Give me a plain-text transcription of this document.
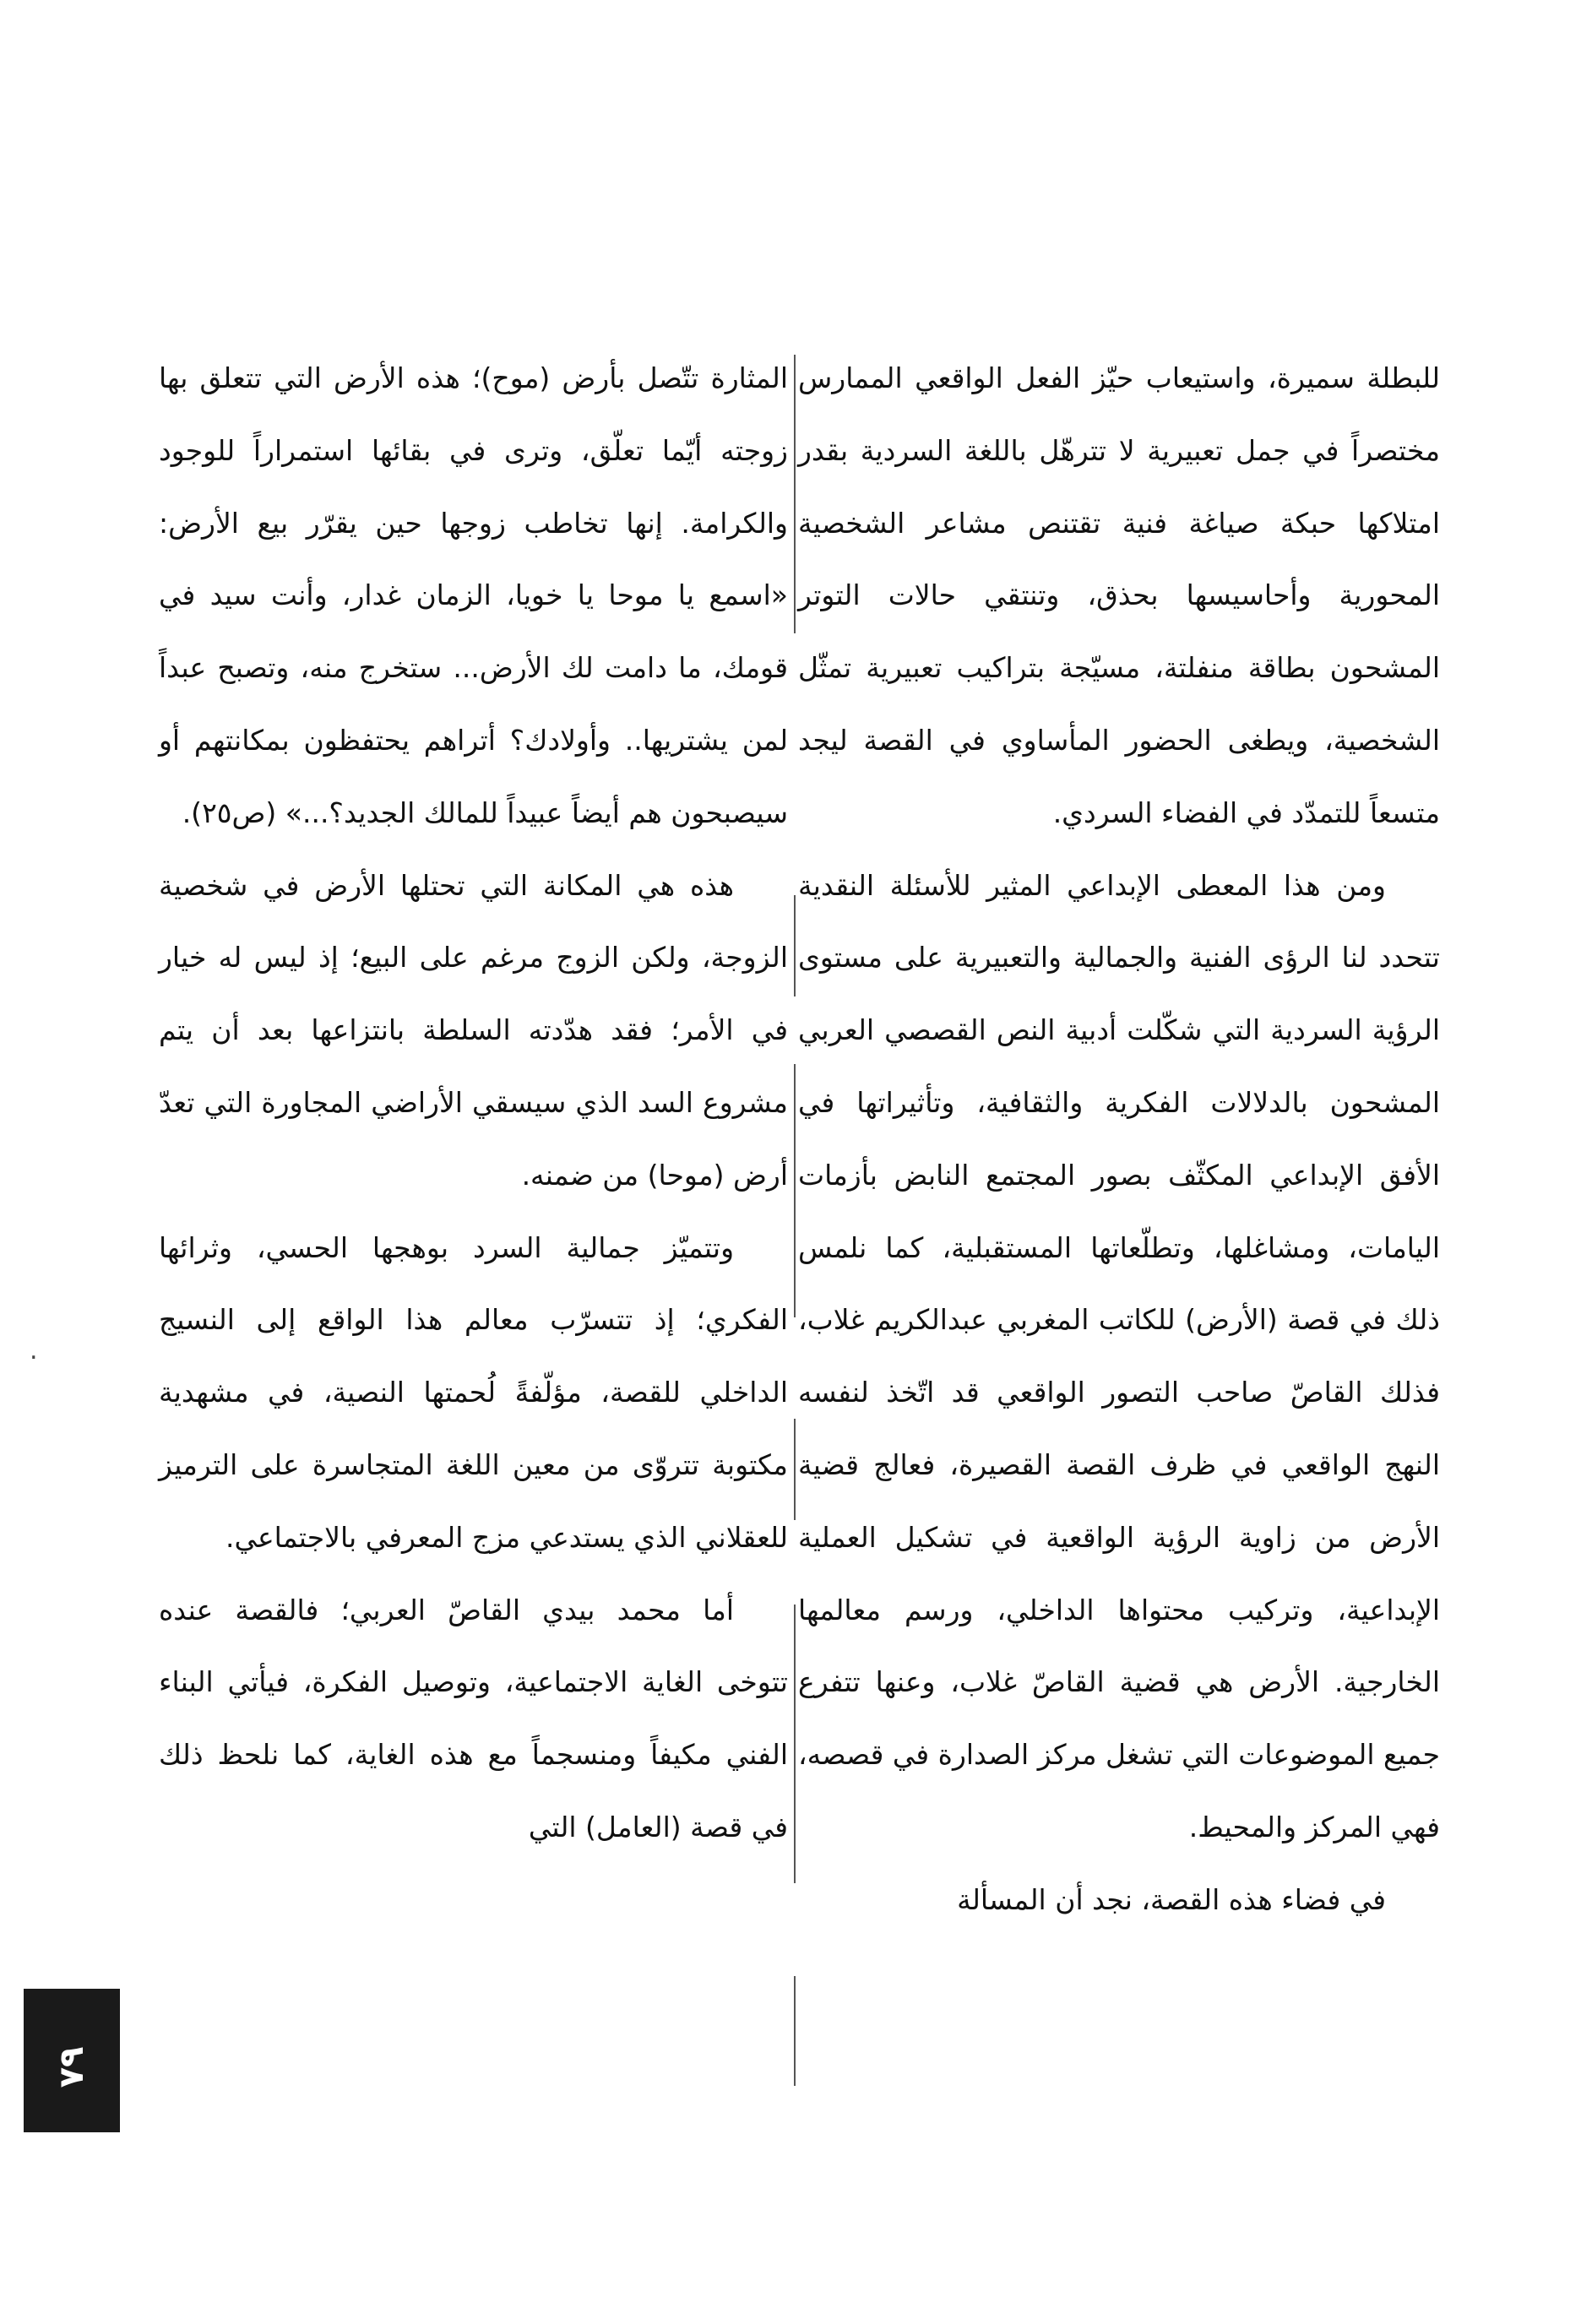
للبطلة سميرة، واستيعاب حيّز الفعل الواقعي الممارس مختصراً في جمل تعبيرية لا تترهّل باللغة السردية بقدر امتلاكها حبكة صياغة فنية تقتنص مشاعر الشخصية المحورية وأحاسيسها بحذق، وتنتقي حالات التوتر المشحون بطاقة منفلتة، مسيّجة بتراكيب تعبيرية تمثّل الشخصية، ويطغى الحضور المأساوي في القصة ليجد متسعاً للتمدّد في الفضاء السردي.

ومن هذا المعطى الإبداعي المثير للأسئلة النقدية تتحدد لنا الرؤى الفنية والجمالية والتعبيرية على مستوى الرؤية السردية التي شكّلت أدبية النص القصصي العربي المشحون بالدلالات الفكرية والثقافية، وتأثيراتها في الأفق الإبداعي المكثّف بصور المجتمع النابض بأزمات اليامات، ومشاغلها، وتطلّعاتها المستقبلية، كما نلمس ذلك في قصة (الأرض) للكاتب المغربي عبدالكريم غلاب، فذلك القاصّ صاحب التصور الواقعي قد اتّخذ لنفسه النهج الواقعي في ظرف القصة القصيرة، فعالج قضية الأرض من زاوية الرؤية الواقعية في تشكيل العملية الإبداعية، وتركيب محتواها الداخلي، ورسم معالمها الخارجية. الأرض هي قضية القاصّ غلاب، وعنها تتفرع جميع الموضوعات التي تشغل مركز الصدارة في قصصه، فهي المركز والمحيط.

في فضاء هذه القصة، نجد أن المسألة

المثارة تتّصل بأرض (موح)؛ هذه الأرض التي تتعلق بها زوجته أيّما تعلّق، وترى في بقائها استمراراً للوجود والكرامة. إنها تخاطب زوجها حين يقرّر بيع الأرض: «اسمع يا موحا يا خويا، الزمان غدار، وأنت سيد في قومك، ما دامت لك الأرض... ستخرج منه، وتصبح عبداً لمن يشتريها.. وأولادك؟ أتراهم يحتفظون بمكانتهم أو سيصبحون هم أيضاً عبيداً للمالك الجديد؟...» (ص٢٥).

هذه هي المكانة التي تحتلها الأرض في شخصية الزوجة، ولكن الزوج مرغم على البيع؛ إذ ليس له خيار في الأمر؛ فقد هدّدته السلطة بانتزاعها بعد أن يتم مشروع السد الذي سيسقي الأراضي المجاورة التي تعدّ أرض (موحا) من ضمنه.

وتتميّز جمالية السرد بوهجها الحسي، وثرائها الفكري؛ إذ تتسرّب معالم هذا الواقع إلى النسيج الداخلي للقصة، مؤلّفةً لُحمتها النصية، في مشهدية مكتوبة تتروّى من معين اللغة المتجاسرة على الترميز للعقلاني الذي يستدعي مزج المعرفي بالاجتماعي.

أما محمد بيدي القاصّ العربي؛ فالقصة عنده تتوخى الغاية الاجتماعية، وتوصيل الفكرة، فيأتي البناء الفني مكيفاً ومنسجماً مع هذه الغاية، كما نلحظ ذلك في قصة (العامل) التي

.
٧٩
